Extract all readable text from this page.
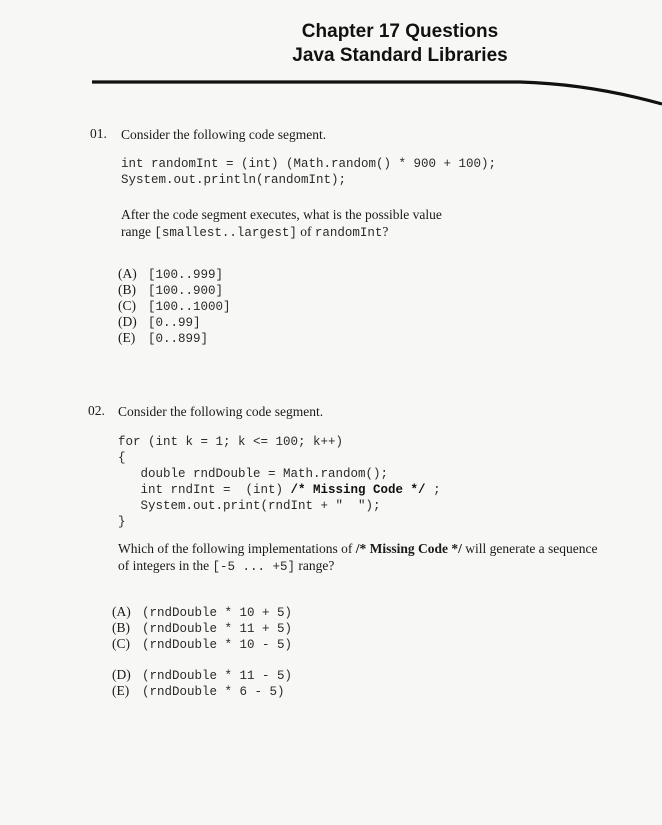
Chapter 17 Questions
Java Standard Libraries
01. Consider the following code segment.
int randomInt = (int) (Math.random() * 900 + 100);
System.out.println(randomInt);
After the code segment executes, what is the possible value
range [smallest..largest] of randomInt?
(A) [100..999]
(B) [100..900]
(C) [100..1000]
(D) [0..99]
(E) [0..899]
02. Consider the following code segment.
for (int k = 1; k <= 100; k++)
{
double rndDouble = Math.random();
int rndInt =  (int) /* Missing Code */ ;
System.out.print(rndInt + "  ");
}
Which of the following implementations of /* Missing Code */ will generate a sequence
of integers in the [-5 ... +5] range?
(A) (rndDouble * 10 + 5)
(B) (rndDouble * 11 + 5)
(C) (rndDouble * 10 - 5)
(D) (rndDouble * 11 - 5)
(E) (rndDouble * 6 - 5)
